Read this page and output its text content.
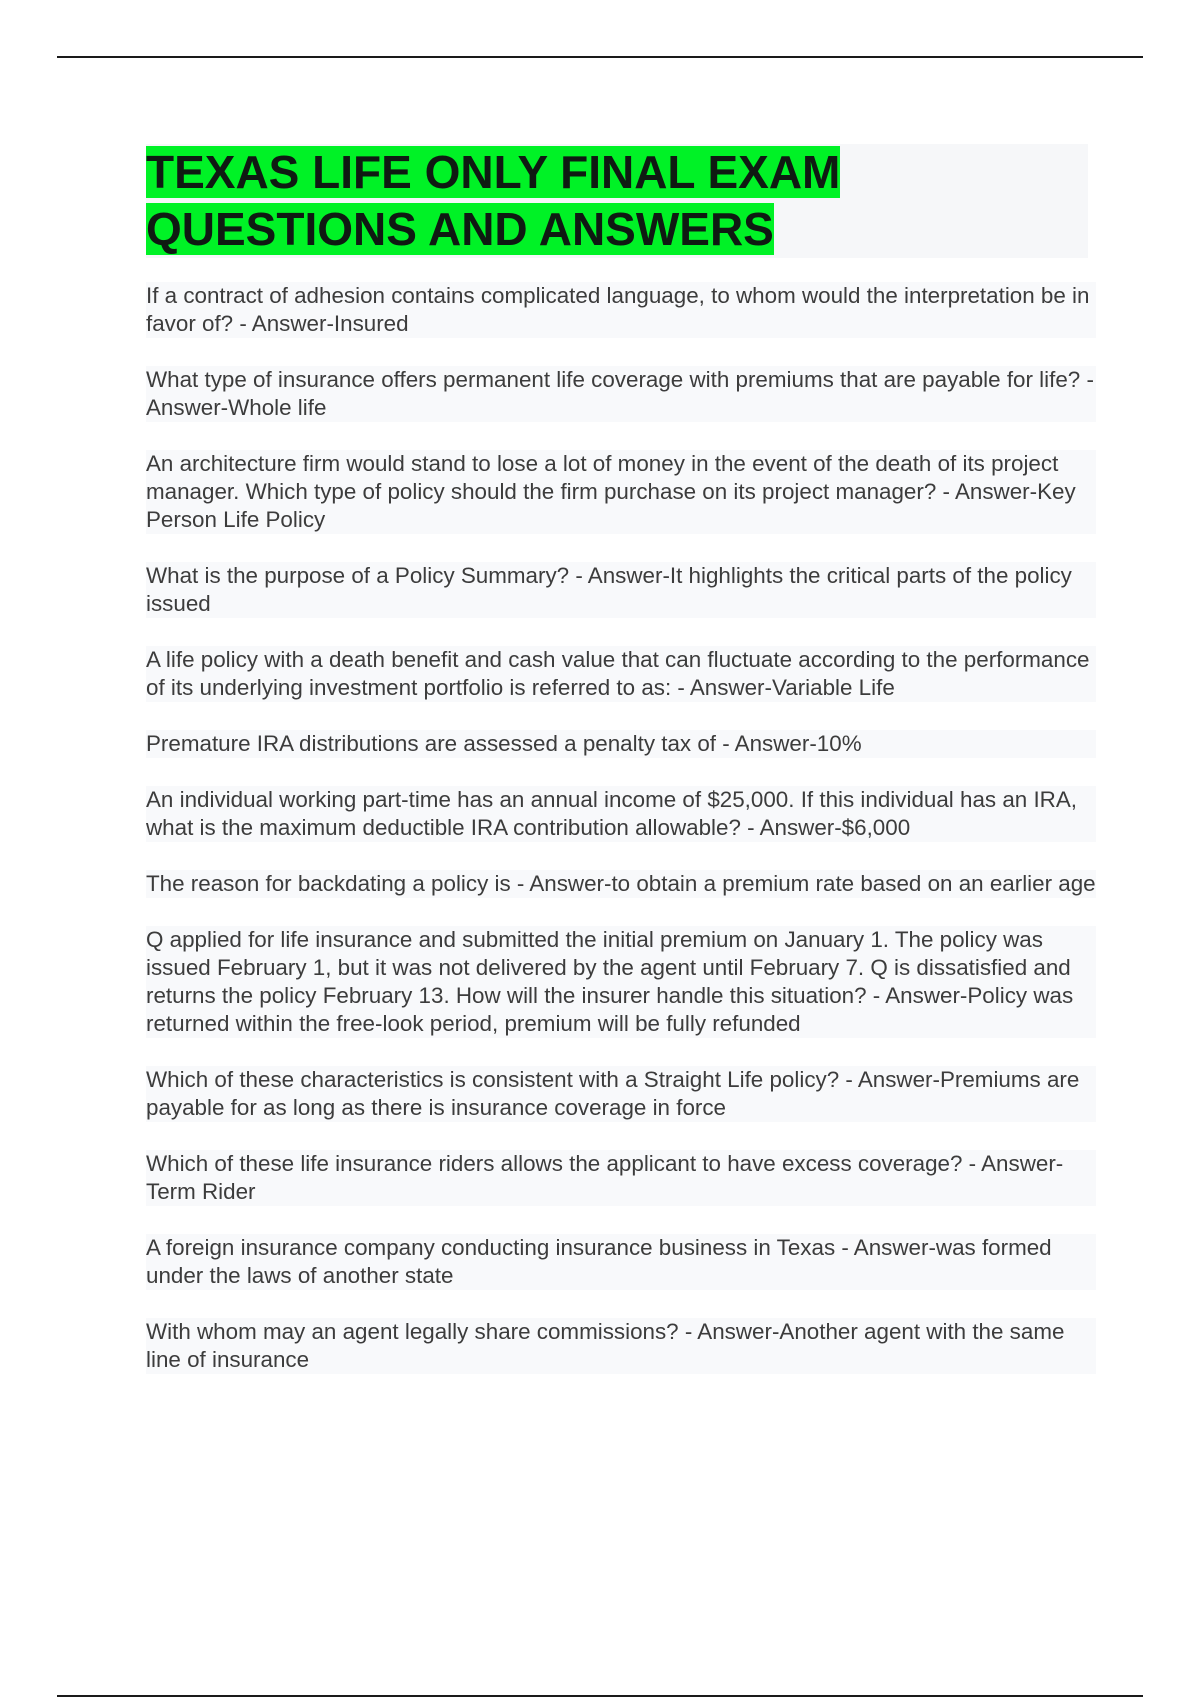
TEXAS LIFE ONLY FINAL EXAM
QUESTIONS AND ANSWERS

If a contract of adhesion contains complicated language, to whom would the interpretation be in favor of? - Answer-Insured

What type of insurance offers permanent life coverage with premiums that are payable for life? - Answer-Whole life

An architecture firm would stand to lose a lot of money in the event of the death of its project manager. Which type of policy should the firm purchase on its project manager? - Answer-Key Person Life Policy

What is the purpose of a Policy Summary? - Answer-It highlights the critical parts of the policy issued

A life policy with a death benefit and cash value that can fluctuate according to the performance of its underlying investment portfolio is referred to as: - Answer-Variable Life

Premature IRA distributions are assessed a penalty tax of - Answer-10%

An individual working part-time has an annual income of $25,000. If this individual has an IRA, what is the maximum deductible IRA contribution allowable? - Answer-$6,000

The reason for backdating a policy is - Answer-to obtain a premium rate based on an earlier age

Q applied for life insurance and submitted the initial premium on January 1. The policy was issued February 1, but it was not delivered by the agent until February 7. Q is dissatisfied and returns the policy February 13. How will the insurer handle this situation? - Answer-Policy was returned within the free-look period, premium will be fully refunded

Which of these characteristics is consistent with a Straight Life policy? - Answer-Premiums are payable for as long as there is insurance coverage in force

Which of these life insurance riders allows the applicant to have excess coverage? - Answer-Term Rider

A foreign insurance company conducting insurance business in Texas - Answer-was formed under the laws of another state

With whom may an agent legally share commissions? - Answer-Another agent with the same line of insurance
